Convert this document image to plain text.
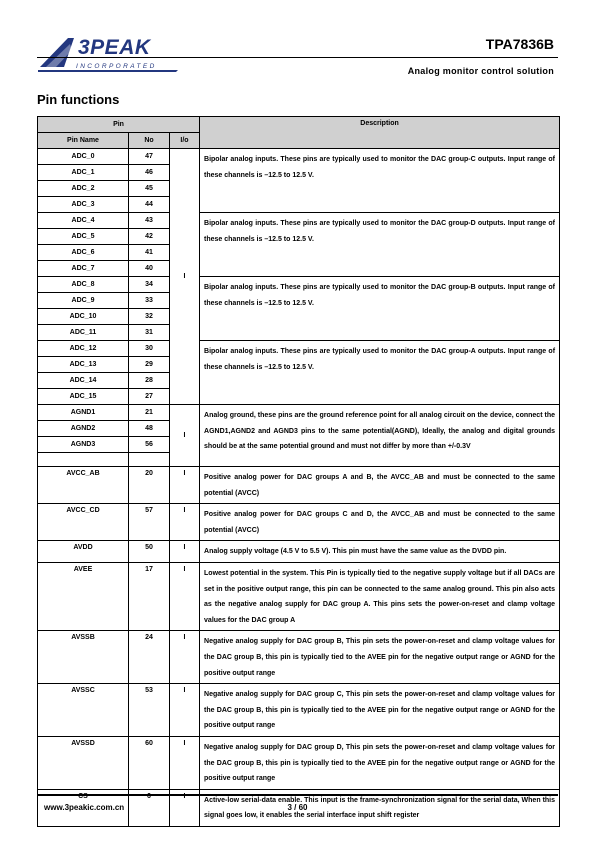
3PEAK
INCORPORATED
TPA7836B
Analog monitor control solution
Pin functions
Pin			Description
Pin Name	No	I/o	
ADC_0	47	I	Bipolar analog inputs. These pins are typically used to monitor the DAC group-C outputs. Input range of these channels is –12.5 to 12.5 V.
ADC_1	46		
ADC_2	45		
ADC_3	44		
ADC_4	43		Bipolar analog inputs. These pins are typically used to monitor the DAC group-D outputs. Input range of these channels is –12.5 to 12.5 V.
ADC_5	42		
ADC_6	41		
ADC_7	40		
ADC_8	34		Bipolar analog inputs. These pins are typically used to monitor the DAC group-B outputs. Input range of these channels is –12.5 to 12.5 V.
ADC_9	33		
ADC_10	32		
ADC_11	31		
ADC_12	30		Bipolar analog inputs. These pins are typically used to monitor the DAC group-A outputs. Input range of these channels is –12.5 to 12.5 V.
ADC_13	29		
ADC_14	28		
ADC_15	27		
AGND1	21	I	Analog ground, these pins are the ground reference point for all analog circuit on the device, connect the AGND1,AGND2 and AGND3 pins to the same potential(AGND), Ideally, the analog and digital grounds should be at the same potential ground and must not differ by more than +/-0.3V
AGND2	48		
AGND3	56		

AVCC_AB	20	I	Positive analog power for DAC groups A and B, the AVCC_AB and must be connected to the same potential (AVCC)
AVCC_CD	57	I	Positive analog power for DAC groups C and D, the AVCC_AB and must be connected to the same potential (AVCC)
AVDD	50	I	Analog supply voltage (4.5 V to 5.5 V). This pin must have the same value as the DVDD pin.
AVEE	17	I	Lowest potential in the system. This Pin is typically tied to the negative supply voltage but if all DACs are set in the positive output range, this pin can be connected to the same analog ground. This pin also acts as the negative analog supply for DAC group A. This pins sets the power-on-reset and clamp voltage values for the DAC group A
AVSSB	24	I	Negative analog supply for DAC group B, This pin sets the power-on-reset and clamp voltage values for the DAC group B, this pin is typically tied to the AVEE pin for the negative output range or AGND for the positive output range
AVSSC	53	I	Negative analog supply for DAC group C, This pin sets the power-on-reset and clamp voltage values for the DAC group B, this pin is typically tied to the AVEE pin for the negative output range or AGND for the positive output range
AVSSD	60	I	Negative analog supply for DAC group D, This pin sets the power-on-reset and clamp voltage values for the DAC group B, this pin is typically tied to the AVEE pin for the negative output range or AGND for the positive output range
CS	6	I	Active-low serial-data enable. This input is the frame-synchronization signal for the serial data, When this signal goes low, it enables the serial interface input shift register
www.3peakic.com.cn	3 / 60
